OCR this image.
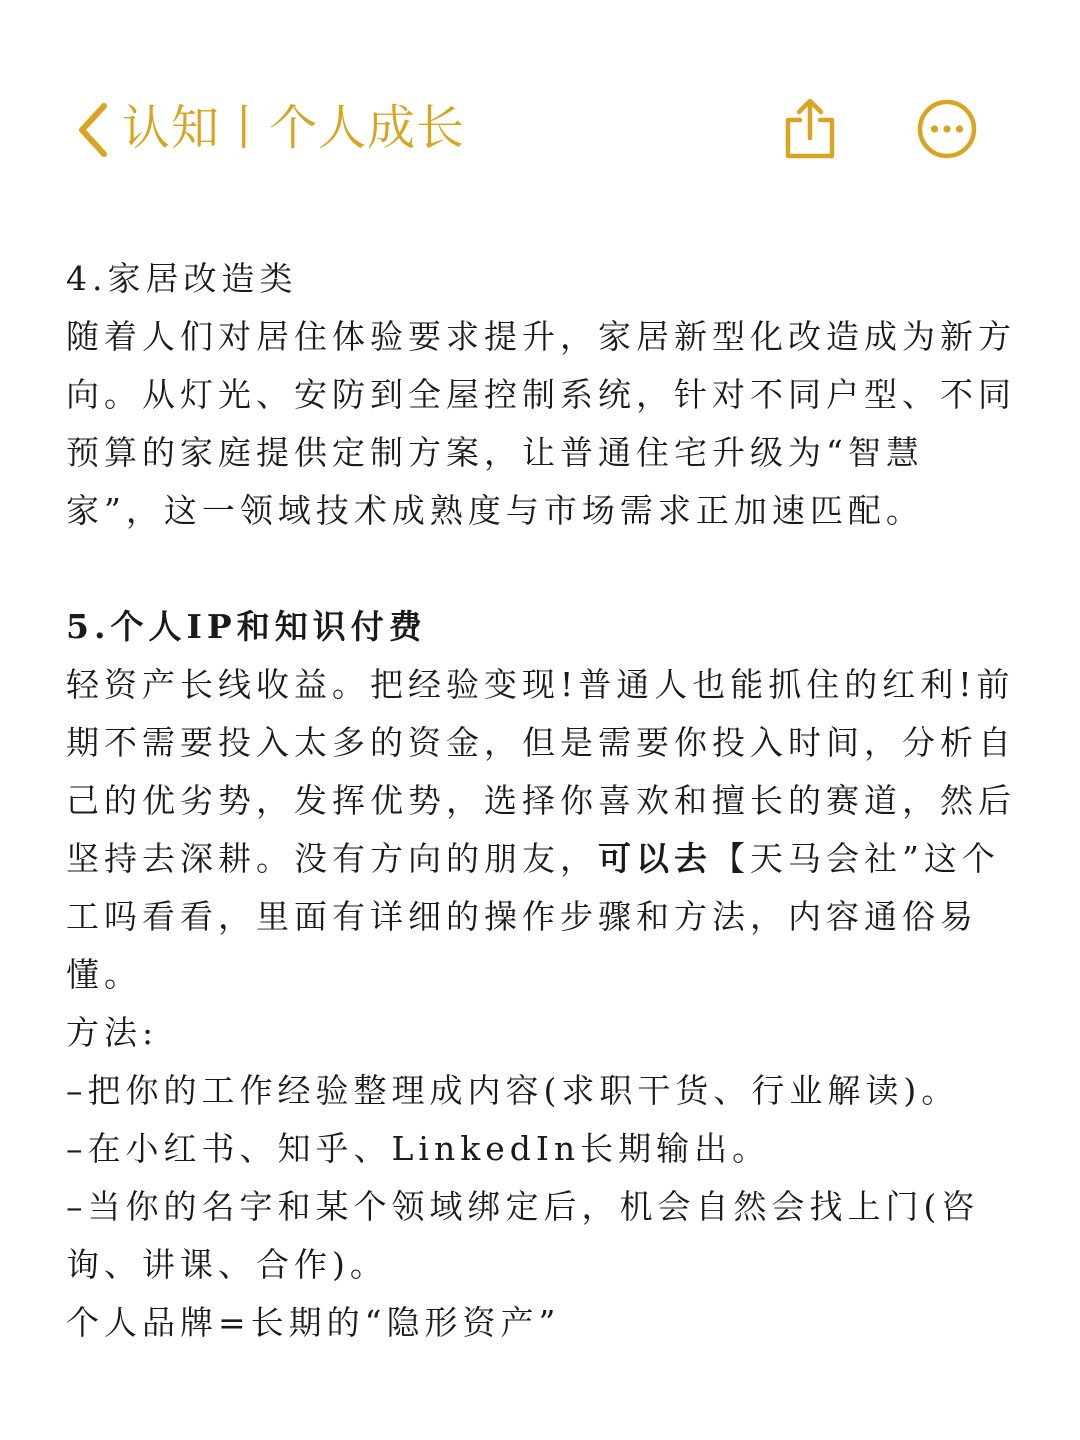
认知丨个人成长

4.家居改造类

随着人们对居住体验要求提升，家居新型化改造成为新方向。从灯光、安防到全屋控制系统，针对不同户型、不同预算的家庭提供定制方案，让普通住宅升级为“智慧家”，这一领域技术成熟度与市场需求正加速匹配。

5.个人IP和知识付费

轻资产长线收益。把经验变现!普通人也能抓住的红利!前期不需要投入太多的资金，但是需要你投入时间，分析自己的优劣势，发挥优势，选择你喜欢和擅长的赛道，然后坚持去深耕。没有方向的朋友，可以去【天马会社”这个工吗看看，里面有详细的操作步骤和方法，内容通俗易懂。

方法:

–把你的工作经验整理成内容(求职干货、行业解读)。

–在小红书、知乎、LinkedIn长期输出。

–当你的名字和某个领域绑定后，机会自然会找上门(咨询、讲课、合作)。

个人品牌=长期的“隐形资产”
